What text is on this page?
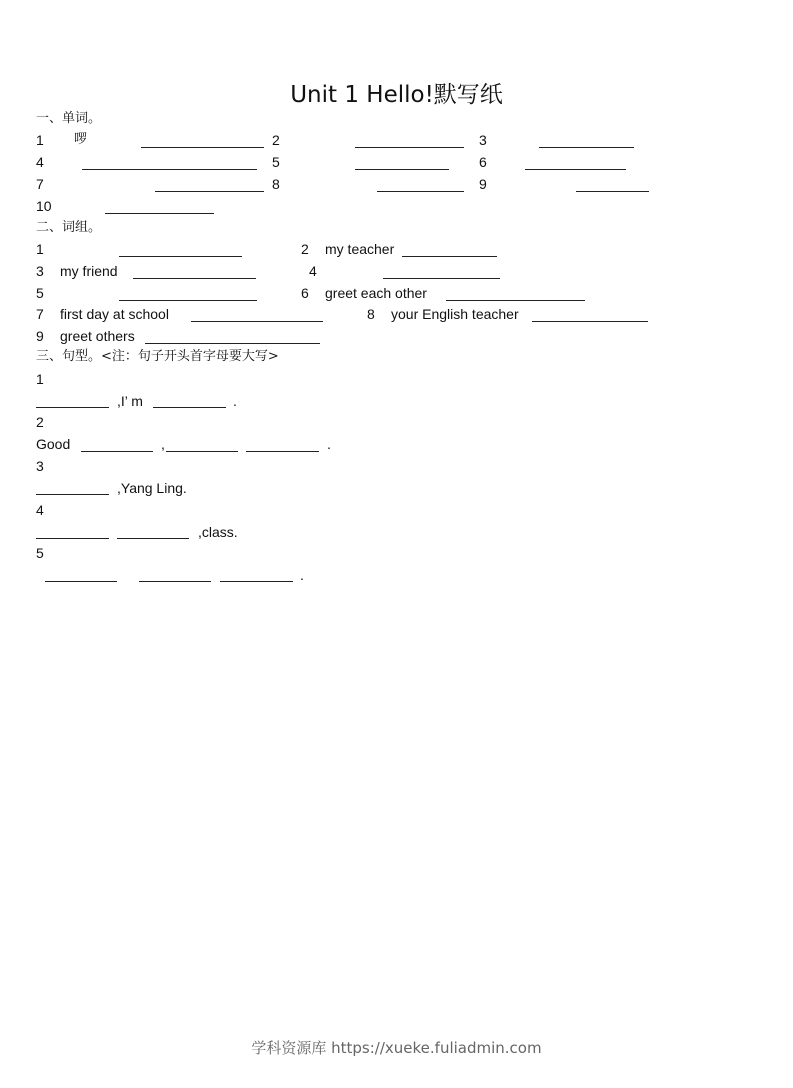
Unit 1 Hello!默写纸
一、单词。
1 啰	2	3
4	5	6
7	8	9
10
二、词组。
1	2 my teacher
3 my friend	4
5	6 greet each other
7 first day at school	8 your English teacher
9 greet others
三、句型。<注：句子开头首字母要大写>
1
,I’ m	.
2
Good	,	.
3
,Yang Ling.
4
,class.
5
.
学科资源库 https://xueke.fuliadmin.com
